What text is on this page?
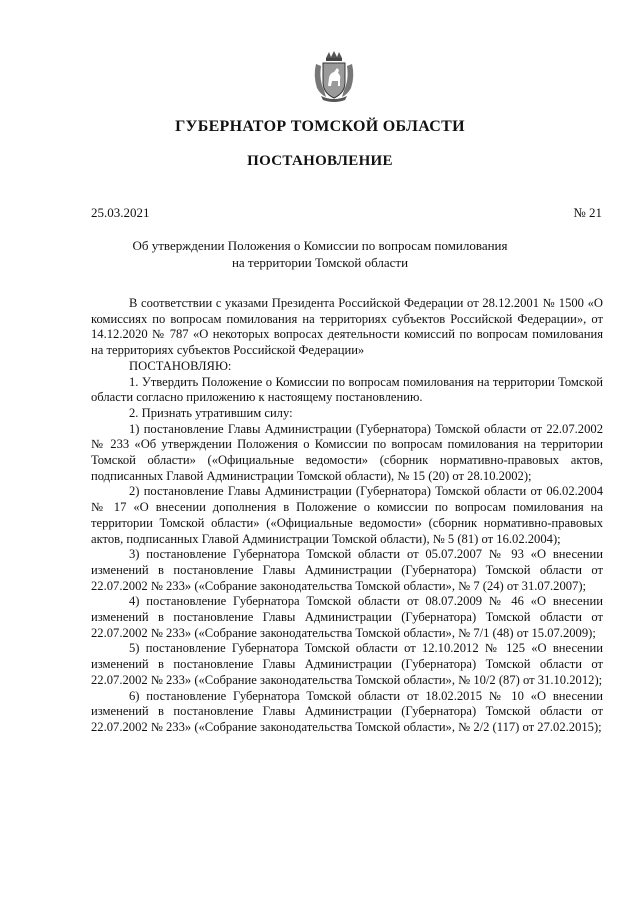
ГУБЕРНАТОР ТОМСКОЙ ОБЛАСТИ
ПОСТАНОВЛЕНИЕ
25.03.2021	№ 21
Об утверждении Положения о Комиссии по вопросам помилования
на территории Томской области

В соответствии с указами Президента Российской Федерации от 28.12.2001 № 1500 «О комиссиях по вопросам помилования на территориях субъектов Российской Федерации», от 14.12.2020 № 787 «О некоторых вопросах деятельности комиссий по вопросам помилования на территориях субъектов Российской Федерации»

ПОСТАНОВЛЯЮ:

1. Утвердить Положение о Комиссии по вопросам помилования на территории Томской области согласно приложению к настоящему постановлению.

2. Признать утратившим силу:

1) постановление Главы Администрации (Губернатора) Томской области от 22.07.2002 № 233 «Об утверждении Положения о Комиссии по вопросам помилования на территории Томской области» («Официальные ведомости» (сборник нормативно-правовых актов, подписанных Главой Администрации Томской области), № 15 (20) от 28.10.2002);

2) постановление Главы Администрации (Губернатора) Томской области от 06.02.2004 № 17 «О внесении дополнения в Положение о комиссии по вопросам помилования на территории Томской области» («Официальные ведомости» (сборник нормативно-правовых актов, подписанных Главой Администрации Томской области), № 5 (81) от 16.02.2004);

3) постановление Губернатора Томской области от 05.07.2007 № 93 «О внесении изменений в постановление Главы Администрации (Губернатора) Томской области от 22.07.2002 № 233» («Собрание законодательства Томской области», № 7 (24) от 31.07.2007);

4) постановление Губернатора Томской области от 08.07.2009 № 46 «О внесении изменений в постановление Главы Администрации (Губернатора) Томской области от 22.07.2002 № 233» («Собрание законодательства Томской области», № 7/1 (48) от 15.07.2009);

5) постановление Губернатора Томской области от 12.10.2012 № 125 «О внесении изменений в постановление Главы Администрации (Губернатора) Томской области от 22.07.2002 № 233» («Собрание законодательства Томской области», № 10/2 (87) от 31.10.2012);

6) постановление Губернатора Томской области от 18.02.2015 № 10 «О внесении изменений в постановление Главы Администрации (Губернатора) Томской области от 22.07.2002 № 233» («Собрание законодательства Томской области», № 2/2 (117) от 27.02.2015);
